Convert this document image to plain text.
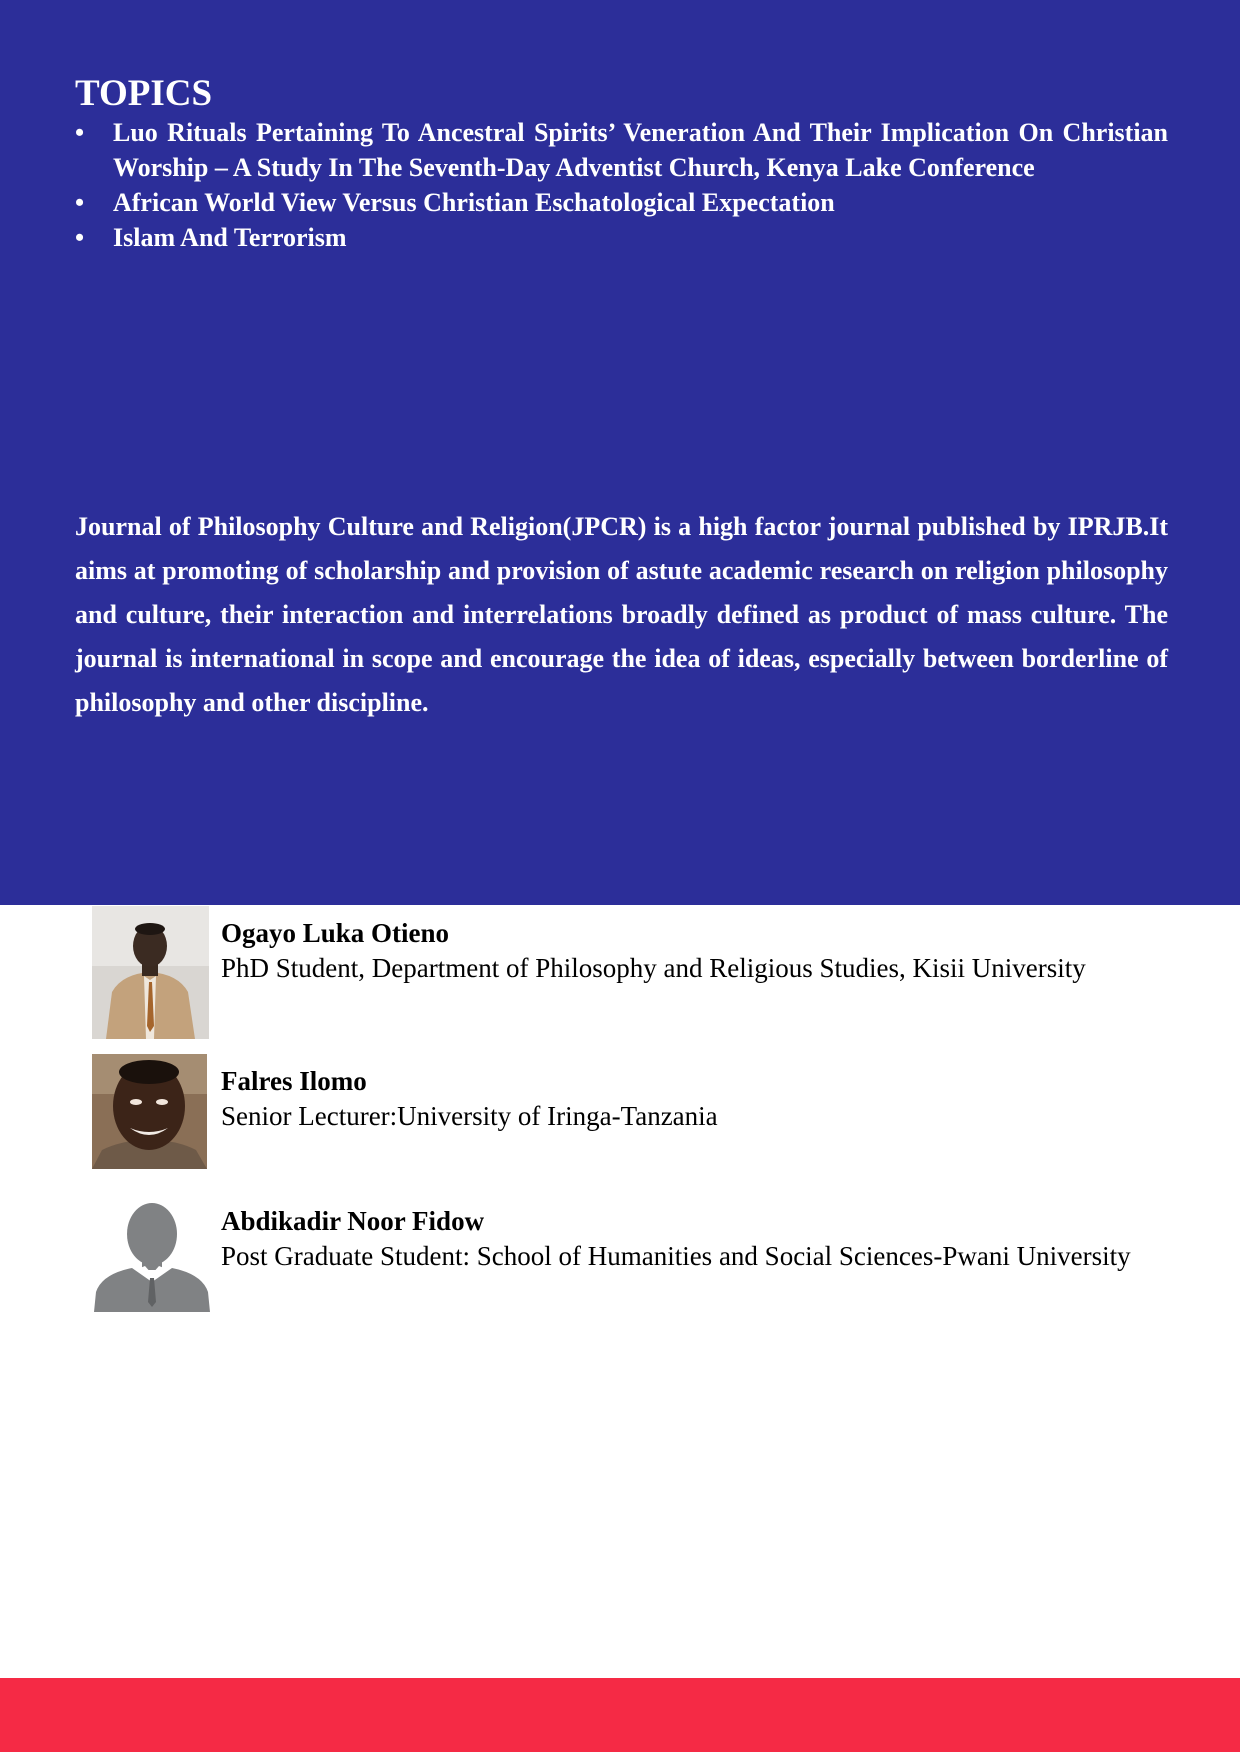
TOPICS
• Luo Rituals Pertaining To Ancestral Spirits’ Veneration And Their Implication On Christian Worship – A Study In The Seventh-Day Adventist Church, Kenya Lake Conference
• African World View Versus Christian Eschatological Expectation
• Islam And Terrorism

Journal of Philosophy Culture and Religion(JPCR) is a high factor journal published by IPRJB.It aims at promoting of scholarship and provision of astute academic research on religion philosophy and culture, their interaction and interrelations broadly defined as product of mass culture. The journal is international in scope and encourage the idea of ideas, especially between borderline of philosophy and other discipline.

Ogayo Luka Otieno
PhD Student, Department of Philosophy and Religious Studies, Kisii University
Falres Ilomo
Senior Lecturer:University of Iringa-Tanzania
Abdikadir Noor Fidow
Post Graduate Student: School of Humanities and Social Sciences-Pwani University
